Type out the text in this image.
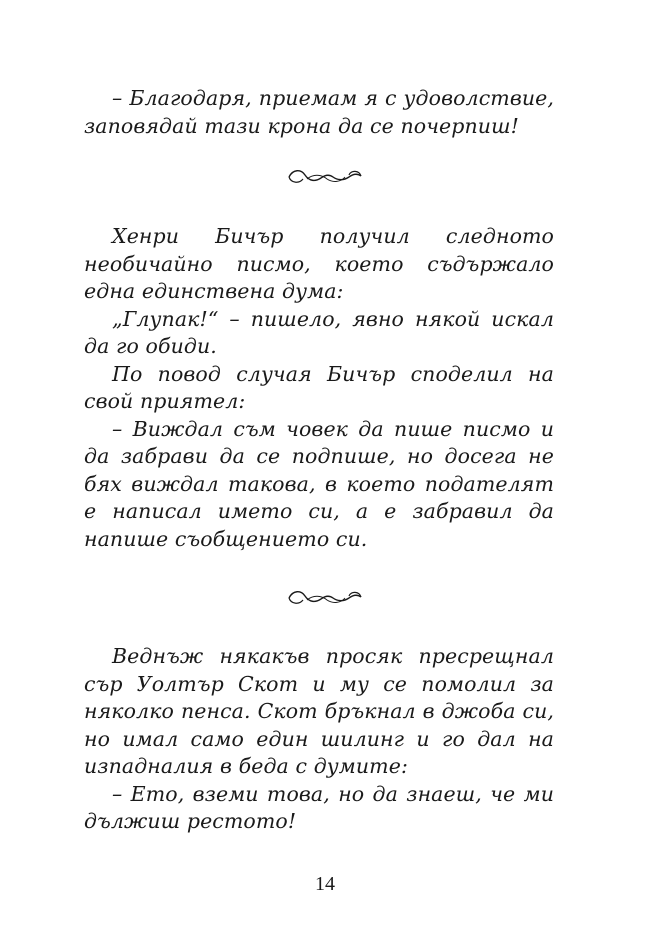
– Благодаря, приемам я с удоволствие, заповядай тази крона да се почерпиш!

Хенри Бичър получил следното необичайно писмо, което съдържало една единствена дума:

„Глупак!“ – пишело, явно някой искал да го обиди.

По повод случая Бичър споделил на свой приятел:

– Виждал съм човек да пише писмо и да забрави да се подпише, но досега не бях виждал такова, в което подателят е написал името си, а е забравил да напише съобщението си.

Веднъж някакъв просяк пресрещнал сър Уолтър Скот и му се помолил за няколко пенса. Скот бръкнал в джоба си, но имал само един шилинг и го дал на изпадналия в беда с думите:

– Ето, вземи това, но да знаеш, че ми дължиш рестото!

14
